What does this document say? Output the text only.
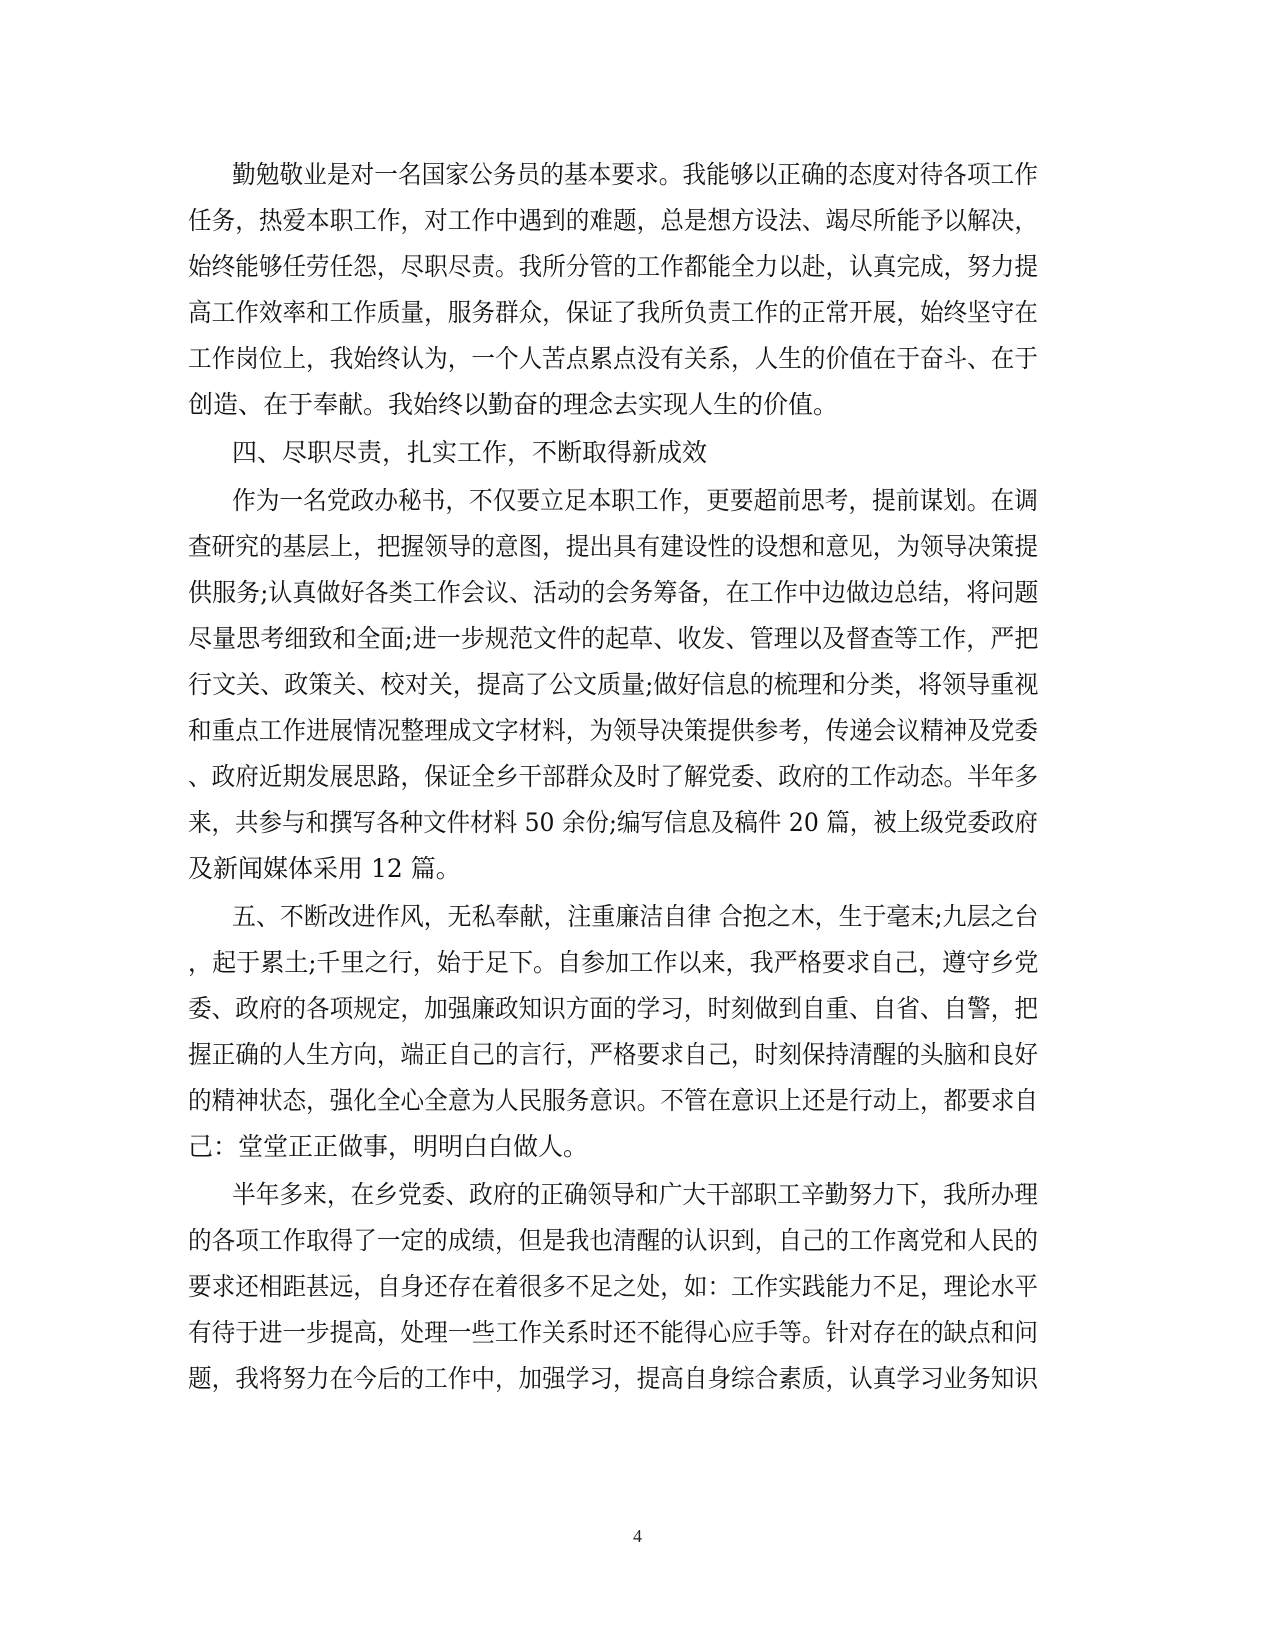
勤勉敬业是对一名国家公务员的基本要求。我能够以正确的态度对待各项工作
任务，热爱本职工作，对工作中遇到的难题，总是想方设法、竭尽所能予以解决，
始终能够任劳任怨，尽职尽责。我所分管的工作都能全力以赴，认真完成，努力提
高工作效率和工作质量，服务群众，保证了我所负责工作的正常开展，始终坚守在
工作岗位上，我始终认为，一个人苦点累点没有关系，人生的价值在于奋斗、在于
创造、在于奉献。我始终以勤奋的理念去实现人生的价值。
四、尽职尽责，扎实工作，不断取得新成效
作为一名党政办秘书，不仅要立足本职工作，更要超前思考，提前谋划。在调
查研究的基层上，把握领导的意图，提出具有建设性的设想和意见，为领导决策提
供服务;认真做好各类工作会议、活动的会务筹备，在工作中边做边总结，将问题
尽量思考细致和全面;进一步规范文件的起草、收发、管理以及督查等工作，严把
行文关、政策关、校对关，提高了公文质量;做好信息的梳理和分类，将领导重视
和重点工作进展情况整理成文字材料，为领导决策提供参考，传递会议精神及党委
、政府近期发展思路，保证全乡干部群众及时了解党委、政府的工作动态。半年多
来，共参与和撰写各种文件材料 50 余份;编写信息及稿件 20 篇，被上级党委政府
及新闻媒体采用 12 篇。
五、不断改进作风，无私奉献，注重廉洁自律 合抱之木，生于毫末;九层之台
，起于累土;千里之行，始于足下。自参加工作以来，我严格要求自己，遵守乡党
委、政府的各项规定，加强廉政知识方面的学习，时刻做到自重、自省、自警，把
握正确的人生方向，端正自己的言行，严格要求自己，时刻保持清醒的头脑和良好
的精神状态，强化全心全意为人民服务意识。不管在意识上还是行动上，都要求自
己：堂堂正正做事，明明白白做人。
半年多来，在乡党委、政府的正确领导和广大干部职工辛勤努力下，我所办理
的各项工作取得了一定的成绩，但是我也清醒的认识到，自己的工作离党和人民的
要求还相距甚远，自身还存在着很多不足之处，如：工作实践能力不足，理论水平
有待于进一步提高，处理一些工作关系时还不能得心应手等。针对存在的缺点和问
题，我将努力在今后的工作中，加强学习，提高自身综合素质，认真学习业务知识
4
